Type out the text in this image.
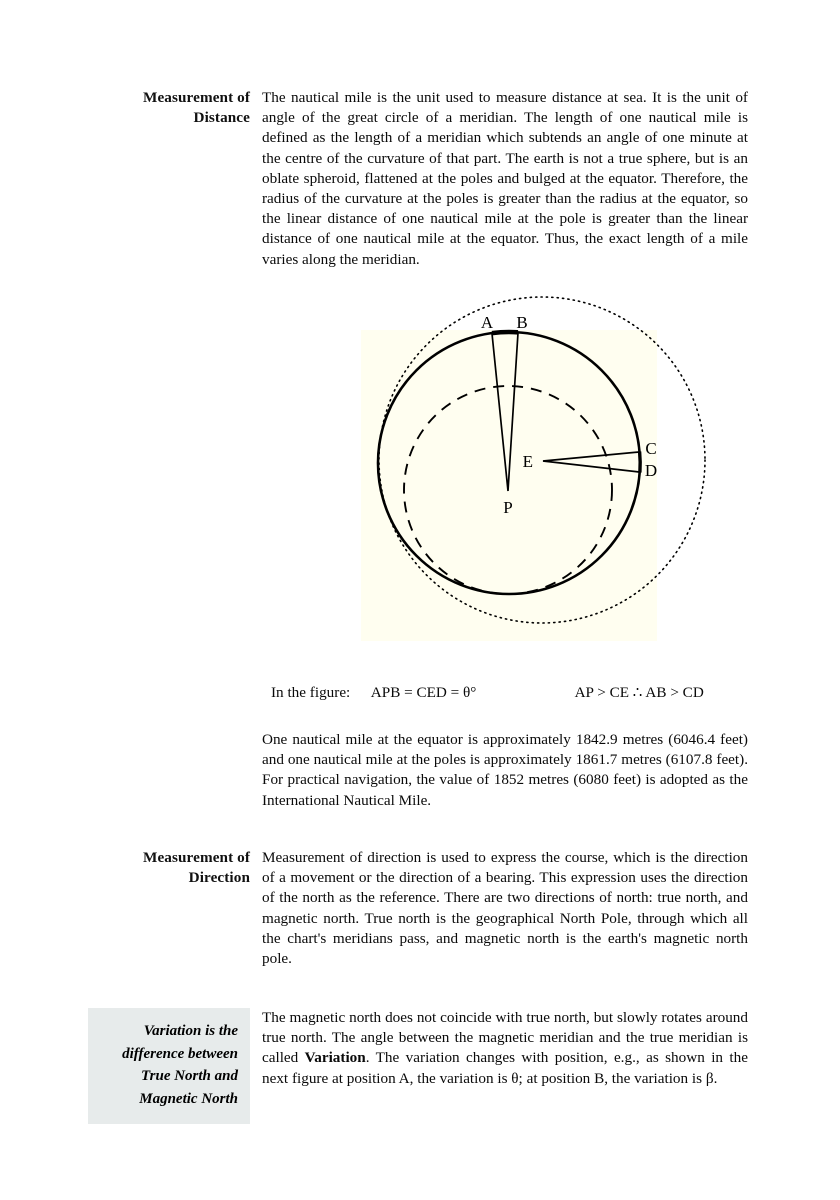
Measurement of
Distance

The nautical mile is the unit used to measure distance at sea. It is the unit of angle of the great circle of a meridian. The length of one nautical mile is defined as the length of a meridian which subtends an angle of one minute at the centre of the curvature of that part. The earth is not a true sphere, but is an oblate spheroid, flattened at the poles and bulged at the equator. Therefore, the radius of the curvature at the poles is greater than the radius at the equator, so the linear distance of one nautical mile at the pole is greater than the linear distance of one nautical mile at the equator. Thus, the exact length of a mile varies along the meridian.

A B
C
D
E
P
In the figure: APB = CED = θ°	AP > CE ∴ AB > CD

One nautical mile at the equator is approximately 1842.9 metres (6046.4 feet) and one nautical mile at the poles is approximately 1861.7 metres (6107.8 feet). For practical navigation, the value of 1852 metres (6080 feet) is adopted as the International Nautical Mile.

Measurement of
Direction

Measurement of direction is used to express the course, which is the direction of a movement or the direction of a bearing. This expression uses the direction of the north as the reference. There are two directions of north: true north, and magnetic north. True north is the geographical North Pole, through which all the chart's meridians pass, and magnetic north is the earth's magnetic north pole.

Variation is the
difference between
True North and
Magnetic North

The magnetic north does not coincide with true north, but slowly rotates around true north. The angle between the magnetic meridian and the true meridian is called Variation. The variation changes with position, e.g., as shown in the next figure at position A, the variation is θ; at position B, the variation is β.
